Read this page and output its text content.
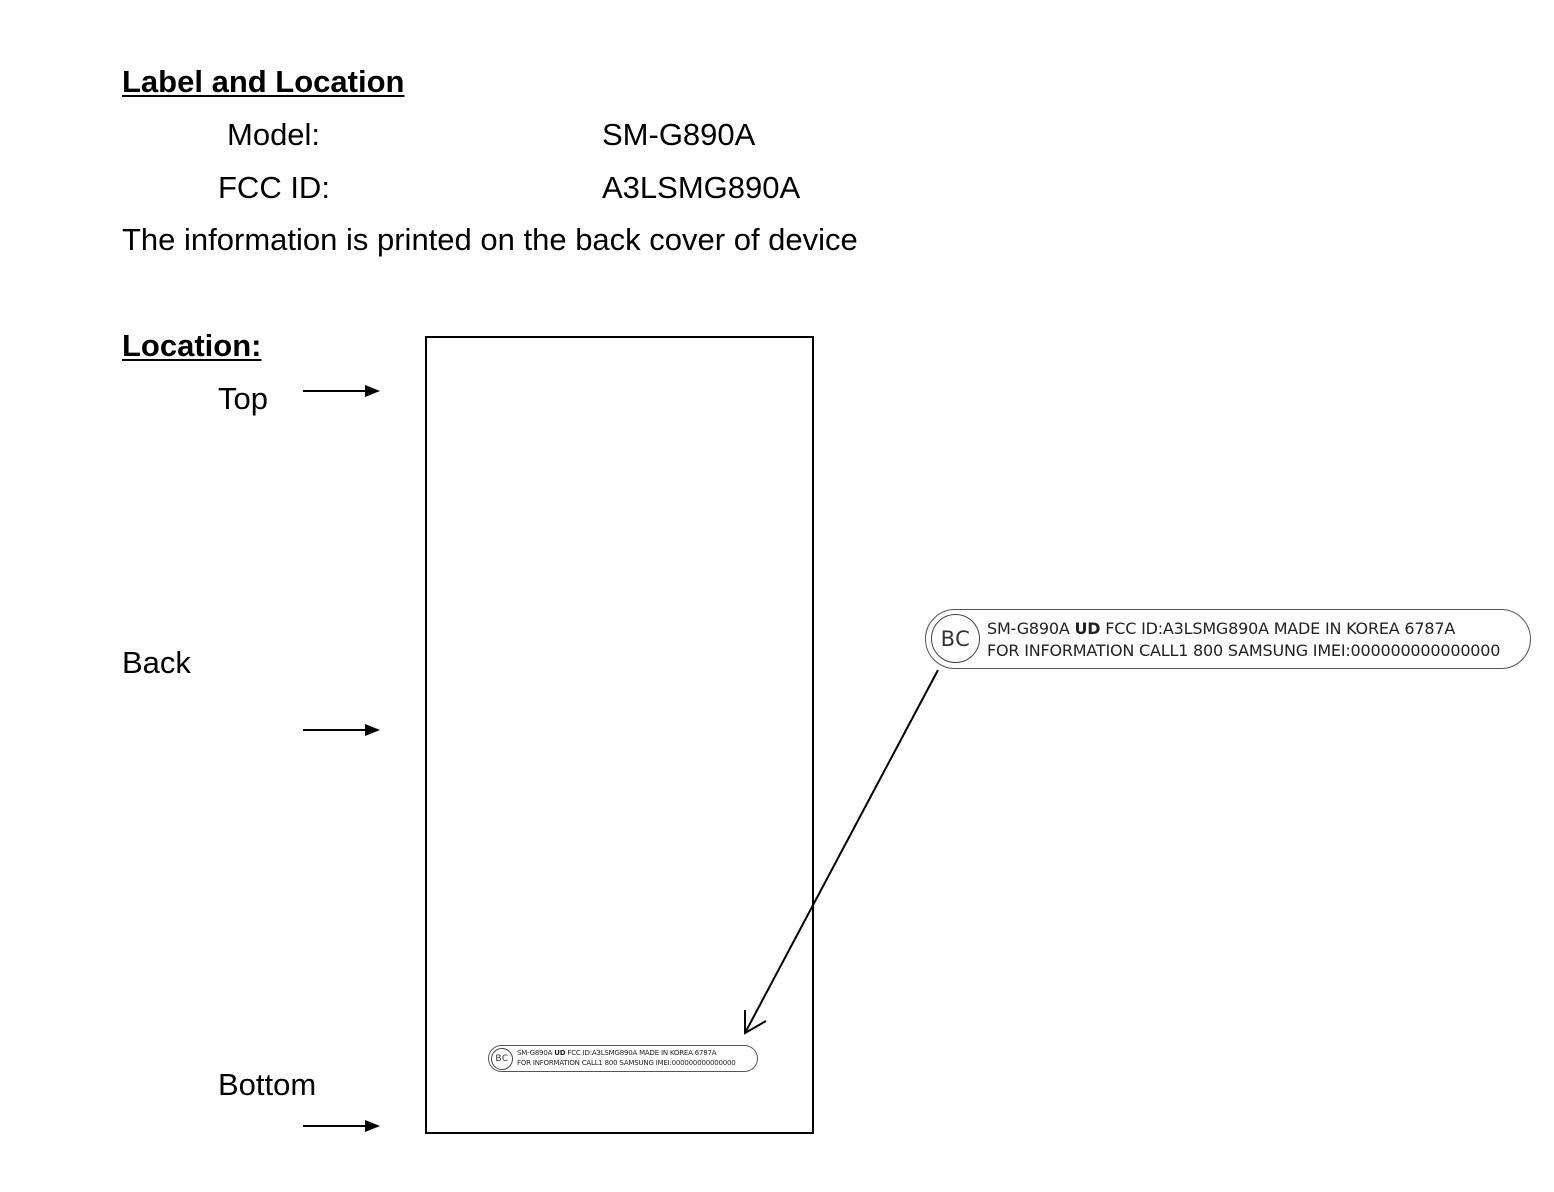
Label and Location
Model:	SM-G890A
FCC ID:	A3LSMG890A
The information is printed on the back cover of device
Location:
Top
Back
Bottom
BC
SM-G890A UD FCC ID:A3LSMG890A MADE IN KOREA 6787A
FOR INFORMATION CALL1 800 SAMSUNG IMEI:000000000000000
BC SM-G890A UD FCC ID:A3LSMG890A MADE IN KOREA 6787A
FOR INFORMATION CALL1 800 SAMSUNG IMEI:000000000000000
